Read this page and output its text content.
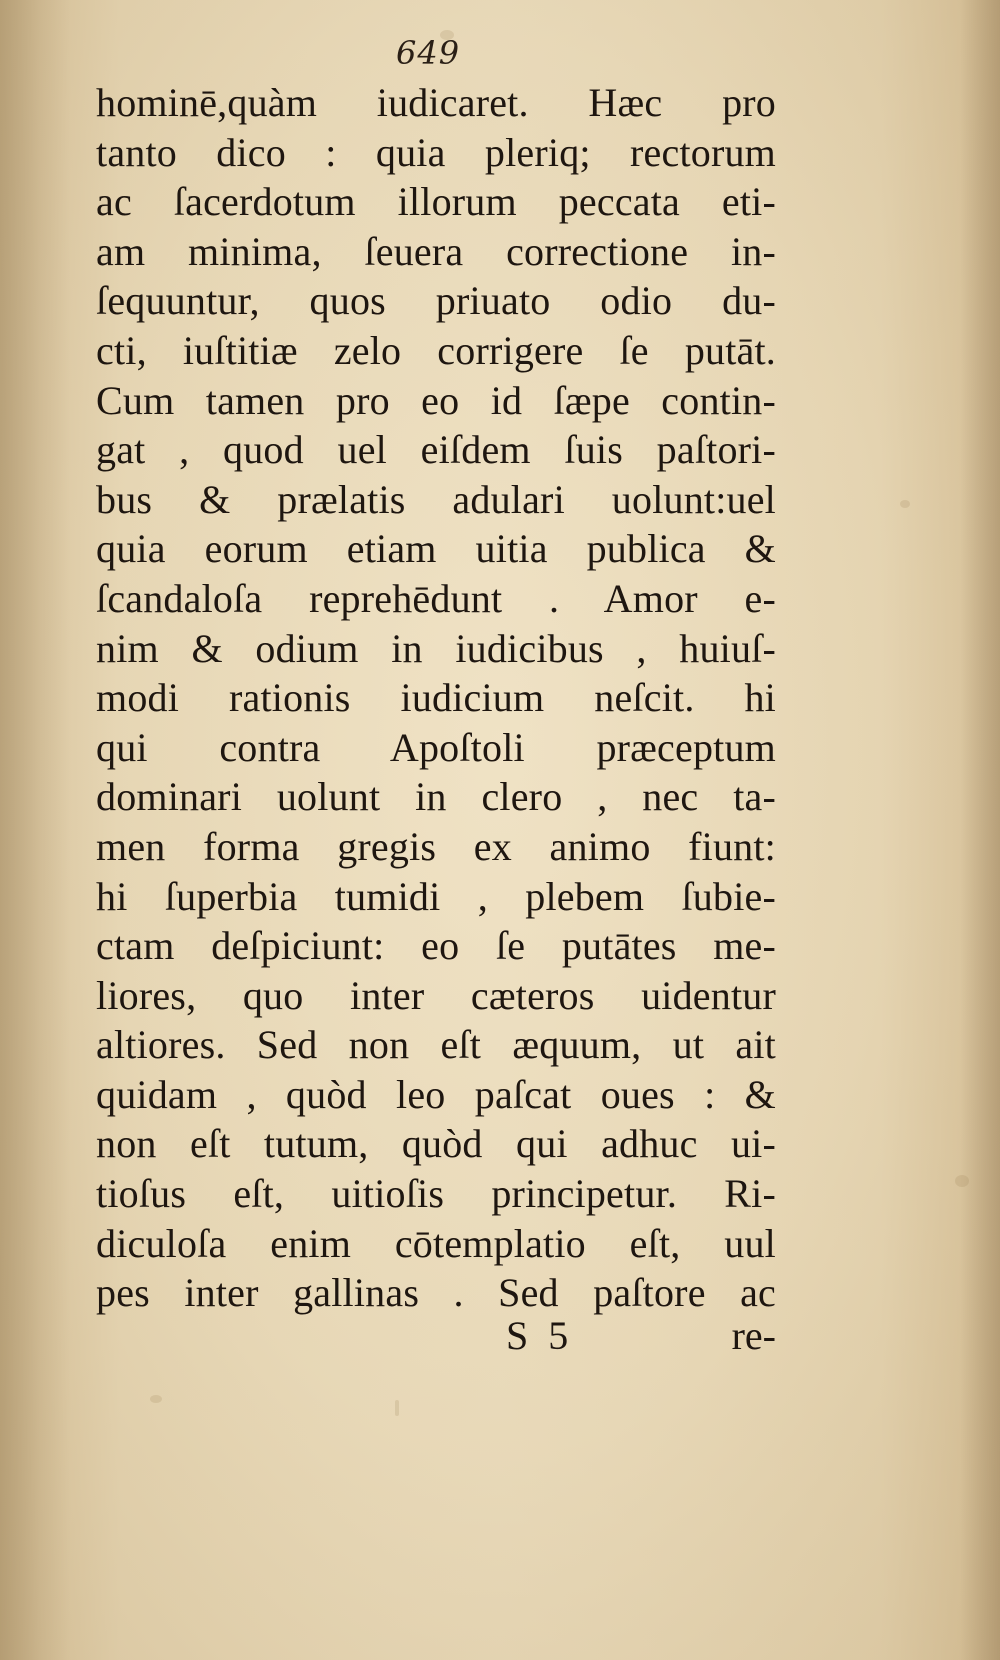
649
hominē,quàm iudicaret. Hæc pro
tanto dico : quia pleriq; rectorum
ac ſacerdotum illorum peccata eti-
am minima, ſeuera correctione in-
ſequuntur, quos priuato odio du-
cti, iuſtitiæ zelo corrigere ſe putāt.
Cum tamen pro eo id ſæpe contin-
gat , quod uel eiſdem ſuis paſtori-
bus & prælatis adulari uolunt:uel
quia eorum etiam uitia publica &
ſcandaloſa reprehēdunt . Amor e-
nim & odium in iudicibus , huiuſ-
modi rationis iudicium neſcit. hi
qui contra Apoſtoli præceptum
dominari uolunt in clero , nec ta-
men forma gregis ex animo fiunt:
hi ſuperbia tumidi , plebem ſubie-
ctam deſpiciunt: eo ſe putātes me-
liores, quo inter cæteros uidentur
altiores. Sed non eſt æquum, ut ait
quidam , quòd leo paſcat oues : &
non eſt tutum, quòd qui adhuc ui-
tioſus eſt, uitioſis principetur. Ri-
diculoſa enim cōtemplatio eſt, uul
pes inter gallinas . Sed paſtore ac
S  5	re-
